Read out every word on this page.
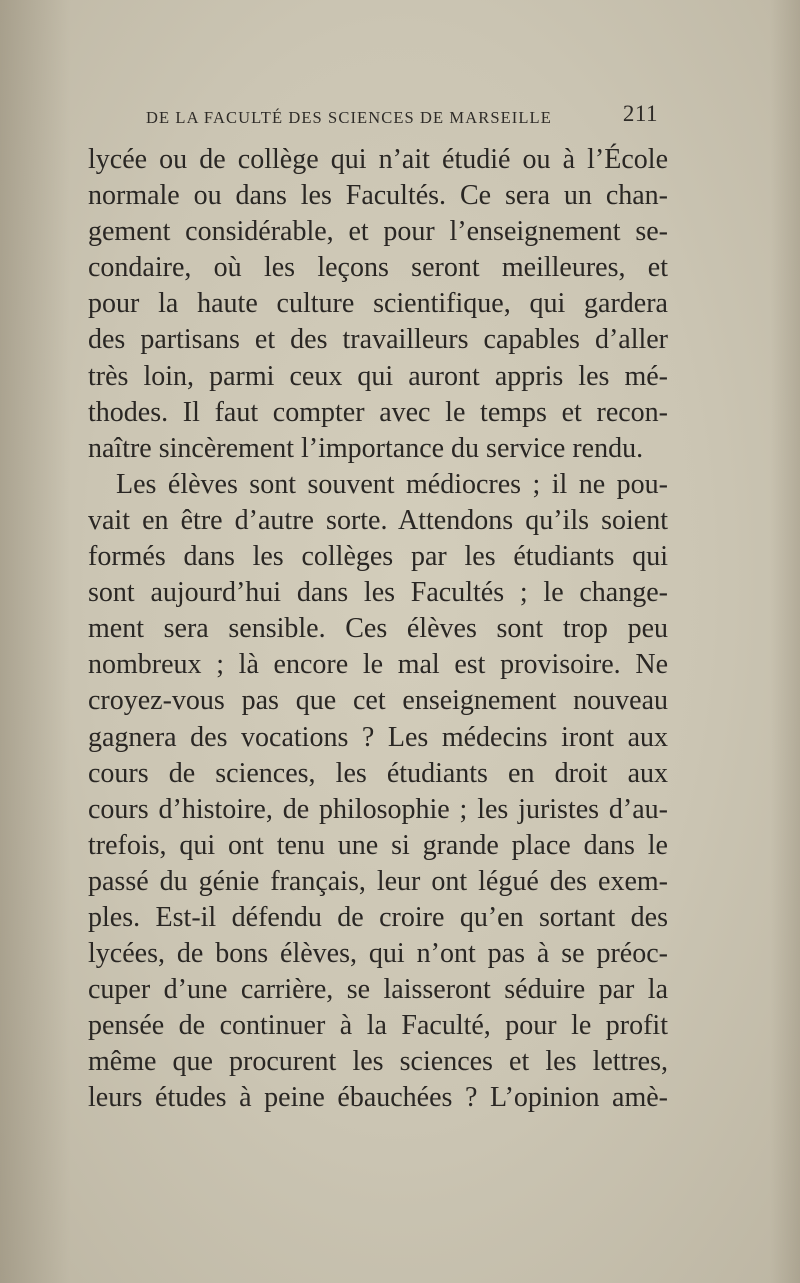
DE LA FACULTÉ DES SCIENCES DE MARSEILLE	211
lycée ou de collège qui n’ait étudié ou à l’École
normale ou dans les Facultés. Ce sera un chan-
gement considérable, et pour l’enseignement se-
condaire, où les leçons seront meilleures, et
pour la haute culture scientifique, qui gardera
des partisans et des travailleurs capables d’aller
très loin, parmi ceux qui auront appris les mé-
thodes. Il faut compter avec le temps et recon-
naître sincèrement l’importance du service rendu.
Les élèves sont souvent médiocres ; il ne pou-
vait en être d’autre sorte. Attendons qu’ils soient
formés dans les collèges par les étudiants qui
sont aujourd’hui dans les Facultés ; le change-
ment sera sensible. Ces élèves sont trop peu
nombreux ; là encore le mal est provisoire. Ne
croyez-vous pas que cet enseignement nouveau
gagnera des vocations ? Les médecins iront aux
cours de sciences, les étudiants en droit aux
cours d’histoire, de philosophie ; les juristes d’au-
trefois, qui ont tenu une si grande place dans le
passé du génie français, leur ont légué des exem-
ples. Est-il défendu de croire qu’en sortant des
lycées, de bons élèves, qui n’ont pas à se préoc-
cuper d’une carrière, se laisseront séduire par la
pensée de continuer à la Faculté, pour le profit
même que procurent les sciences et les lettres,
leurs études à peine ébauchées ? L’opinion amè-
